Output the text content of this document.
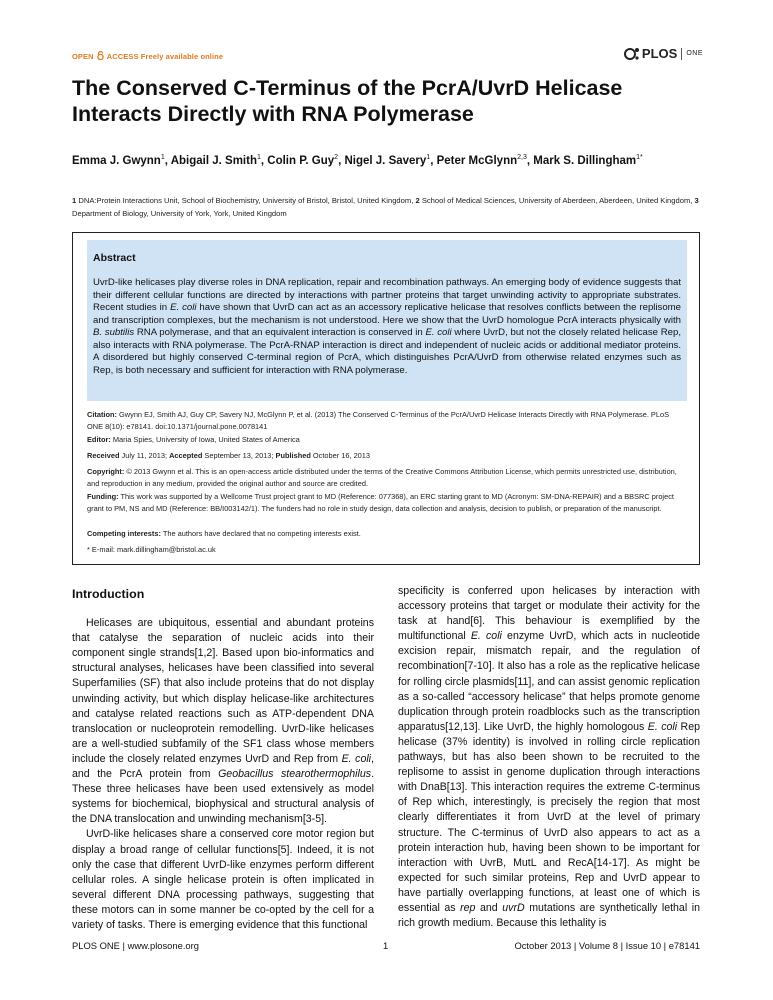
OPEN ACCESS Freely available online	PLOS ONE
The Conserved C-Terminus of the PcrA/UvrD Helicase Interacts Directly with RNA Polymerase
Emma J. Gwynn$^1$, Abigail J. Smith$^1$, Colin P. Guy$^2$, Nigel J. Savery$^1$, Peter McGlynn$^{2,3}$, Mark S. Dillingham$^{1*}$
1 DNA:Protein Interactions Unit, School of Biochemistry, University of Bristol, Bristol, United Kingdom, 2 School of Medical Sciences, University of Aberdeen, Aberdeen, United Kingdom, 3 Department of Biology, University of York, York, United Kingdom
Abstract

UvrD-like helicases play diverse roles in DNA replication, repair and recombination pathways. An emerging body of evidence suggests that their different cellular functions are directed by interactions with partner proteins that target unwinding activity to appropriate substrates. Recent studies in E. coli have shown that UvrD can act as an accessory replicative helicase that resolves conflicts between the replisome and transcription complexes, but the mechanism is not understood. Here we show that the UvrD homologue PcrA interacts physically with B. subtilis RNA polymerase, and that an equivalent interaction is conserved in E. coli where UvrD, but not the closely related helicase Rep, also interacts with RNA polymerase. The PcrA-RNAP interaction is direct and independent of nucleic acids or additional mediator proteins. A disordered but highly conserved C-terminal region of PcrA, which distinguishes PcrA/UvrD from otherwise related enzymes such as Rep, is both necessary and sufficient for interaction with RNA polymerase.

Citation: Gwynn EJ, Smith AJ, Guy CP, Savery NJ, McGlynn P, et al. (2013) The Conserved C-Terminus of the PcrA/UvrD Helicase Interacts Directly with RNA Polymerase. PLoS ONE 8(10): e78141. doi:10.1371/journal.pone.0078141

Editor: Maria Spies, University of Iowa, United States of America

Received July 11, 2013; Accepted September 13, 2013; Published October 16, 2013

Copyright: © 2013 Gwynn et al. This is an open-access article distributed under the terms of the Creative Commons Attribution License, which permits unrestricted use, distribution, and reproduction in any medium, provided the original author and source are credited.

Funding: This work was supported by a Wellcome Trust project grant to MD (Reference: 077368), an ERC starting grant to MD (Acronym: SM-DNA-REPAIR) and a BBSRC project grant to PM, NS and MD (Reference: BB/I003142/1). The funders had no role in study design, data collection and analysis, decision to publish, or preparation of the manuscript.

Competing interests: The authors have declared that no competing interests exist.

* E-mail: mark.dillingham@bristol.ac.uk

Introduction

Helicases are ubiquitous, essential and abundant proteins that catalyse the separation of nucleic acids into their component single strands[1,2]. Based upon bio-informatics and structural analyses, helicases have been classified into several Superfamilies (SF) that also include proteins that do not display unwinding activity, but which display helicase-like architectures and catalyse related reactions such as ATP-dependent DNA translocation or nucleoprotein remodelling. UvrD-like helicases are a well-studied subfamily of the SF1 class whose members include the closely related enzymes UvrD and Rep from E. coli, and the PcrA protein from Geobacillus stearothermophilus. These three helicases have been used extensively as model systems for biochemical, biophysical and structural analysis of the DNA translocation and unwinding mechanism[3-5].

UvrD-like helicases share a conserved core motor region but display a broad range of cellular functions[5]. Indeed, it is not only the case that different UvrD-like enzymes perform different cellular roles. A single helicase protein is often implicated in several different DNA processing pathways, suggesting that these motors can in some manner be co-opted by the cell for a variety of tasks. There is emerging evidence that this functional

specificity is conferred upon helicases by interaction with accessory proteins that target or modulate their activity for the task at hand[6]. This behaviour is exemplified by the multifunctional E. coli enzyme UvrD, which acts in nucleotide excision repair, mismatch repair, and the regulation of recombination[7-10]. It also has a role as the replicative helicase for rolling circle plasmids[11], and can assist genomic replication as a so-called “accessory helicase” that helps promote genome duplication through protein roadblocks such as the transcription apparatus[12,13]. Like UvrD, the highly homologous E. coli Rep helicase (37% identity) is involved in rolling circle replication pathways, but has also been shown to be recruited to the replisome to assist in genome duplication through interactions with DnaB[13]. This interaction requires the extreme C-terminus of Rep which, interestingly, is precisely the region that most clearly differentiates it from UvrD at the level of primary structure. The C-terminus of UvrD also appears to act as a protein interaction hub, having been shown to be important for interaction with UvrB, MutL and RecA[14-17]. As might be expected for such similar proteins, Rep and UvrD appear to have partially overlapping functions, at least one of which is essential as rep and uvrD mutations are synthetically lethal in rich growth medium. Because this lethality is

PLOS ONE | www.plosone.org	1	October 2013 | Volume 8 | Issue 10 | e78141
